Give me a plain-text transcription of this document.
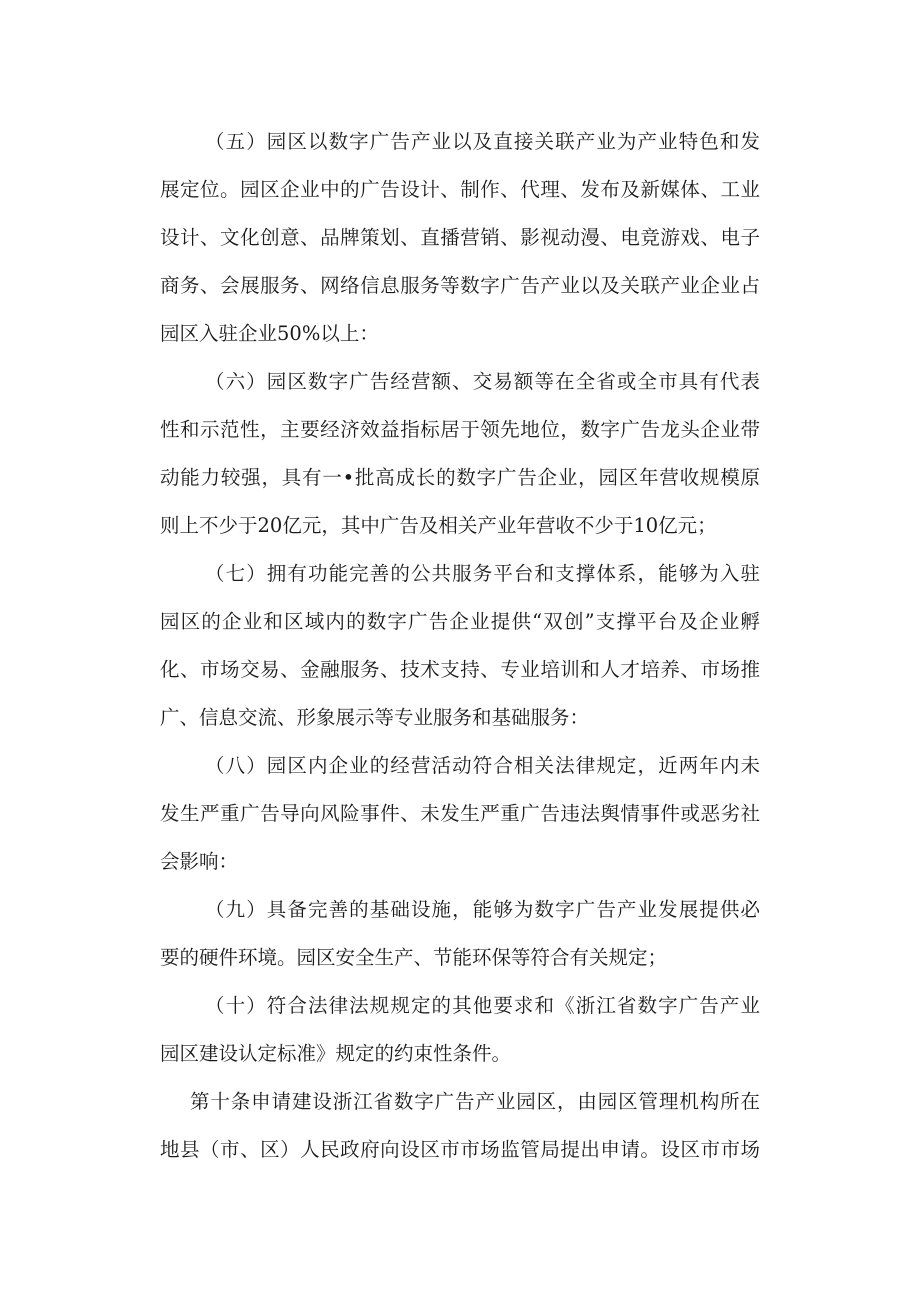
（五）园区以数字广告产业以及直接关联产业为产业特色和发
展定位。园区企业中的广告设计、制作、代理、发布及新媒体、工业
设计、文化创意、品牌策划、直播营销、影视动漫、电竞游戏、电子
商务、会展服务、网络信息服务等数字广告产业以及关联产业企业占
园区入驻企业50%以上：
（六）园区数字广告经营额、交易额等在全省或全市具有代表
性和示范性，主要经济效益指标居于领先地位，数字广告龙头企业带
动能力较强，具有一•批高成长的数字广告企业，园区年营收规模原
则上不少于20亿元，其中广告及相关产业年营收不少于10亿元；
（七）拥有功能完善的公共服务平台和支撑体系，能够为入驻
园区的企业和区域内的数字广告企业提供“双创”支撑平台及企业孵
化、市场交易、金融服务、技术支持、专业培训和人才培养、市场推
广、信息交流、形象展示等专业服务和基础服务：
（八）园区内企业的经营活动符合相关法律规定，近两年内未
发生严重广告导向风险事件、未发生严重广告违法舆情事件或恶劣社
会影响：
（九）具备完善的基础设施，能够为数字广告产业发展提供必
要的硬件环境。园区安全生产、节能环保等符合有关规定；
（十）符合法律法规规定的其他要求和《浙江省数字广告产业
园区建设认定标准》规定的约束性条件。
第十条申请建设浙江省数字广告产业园区，由园区管理机构所在
地县（市、区）人民政府向设区市市场监管局提出申请。设区市市场
